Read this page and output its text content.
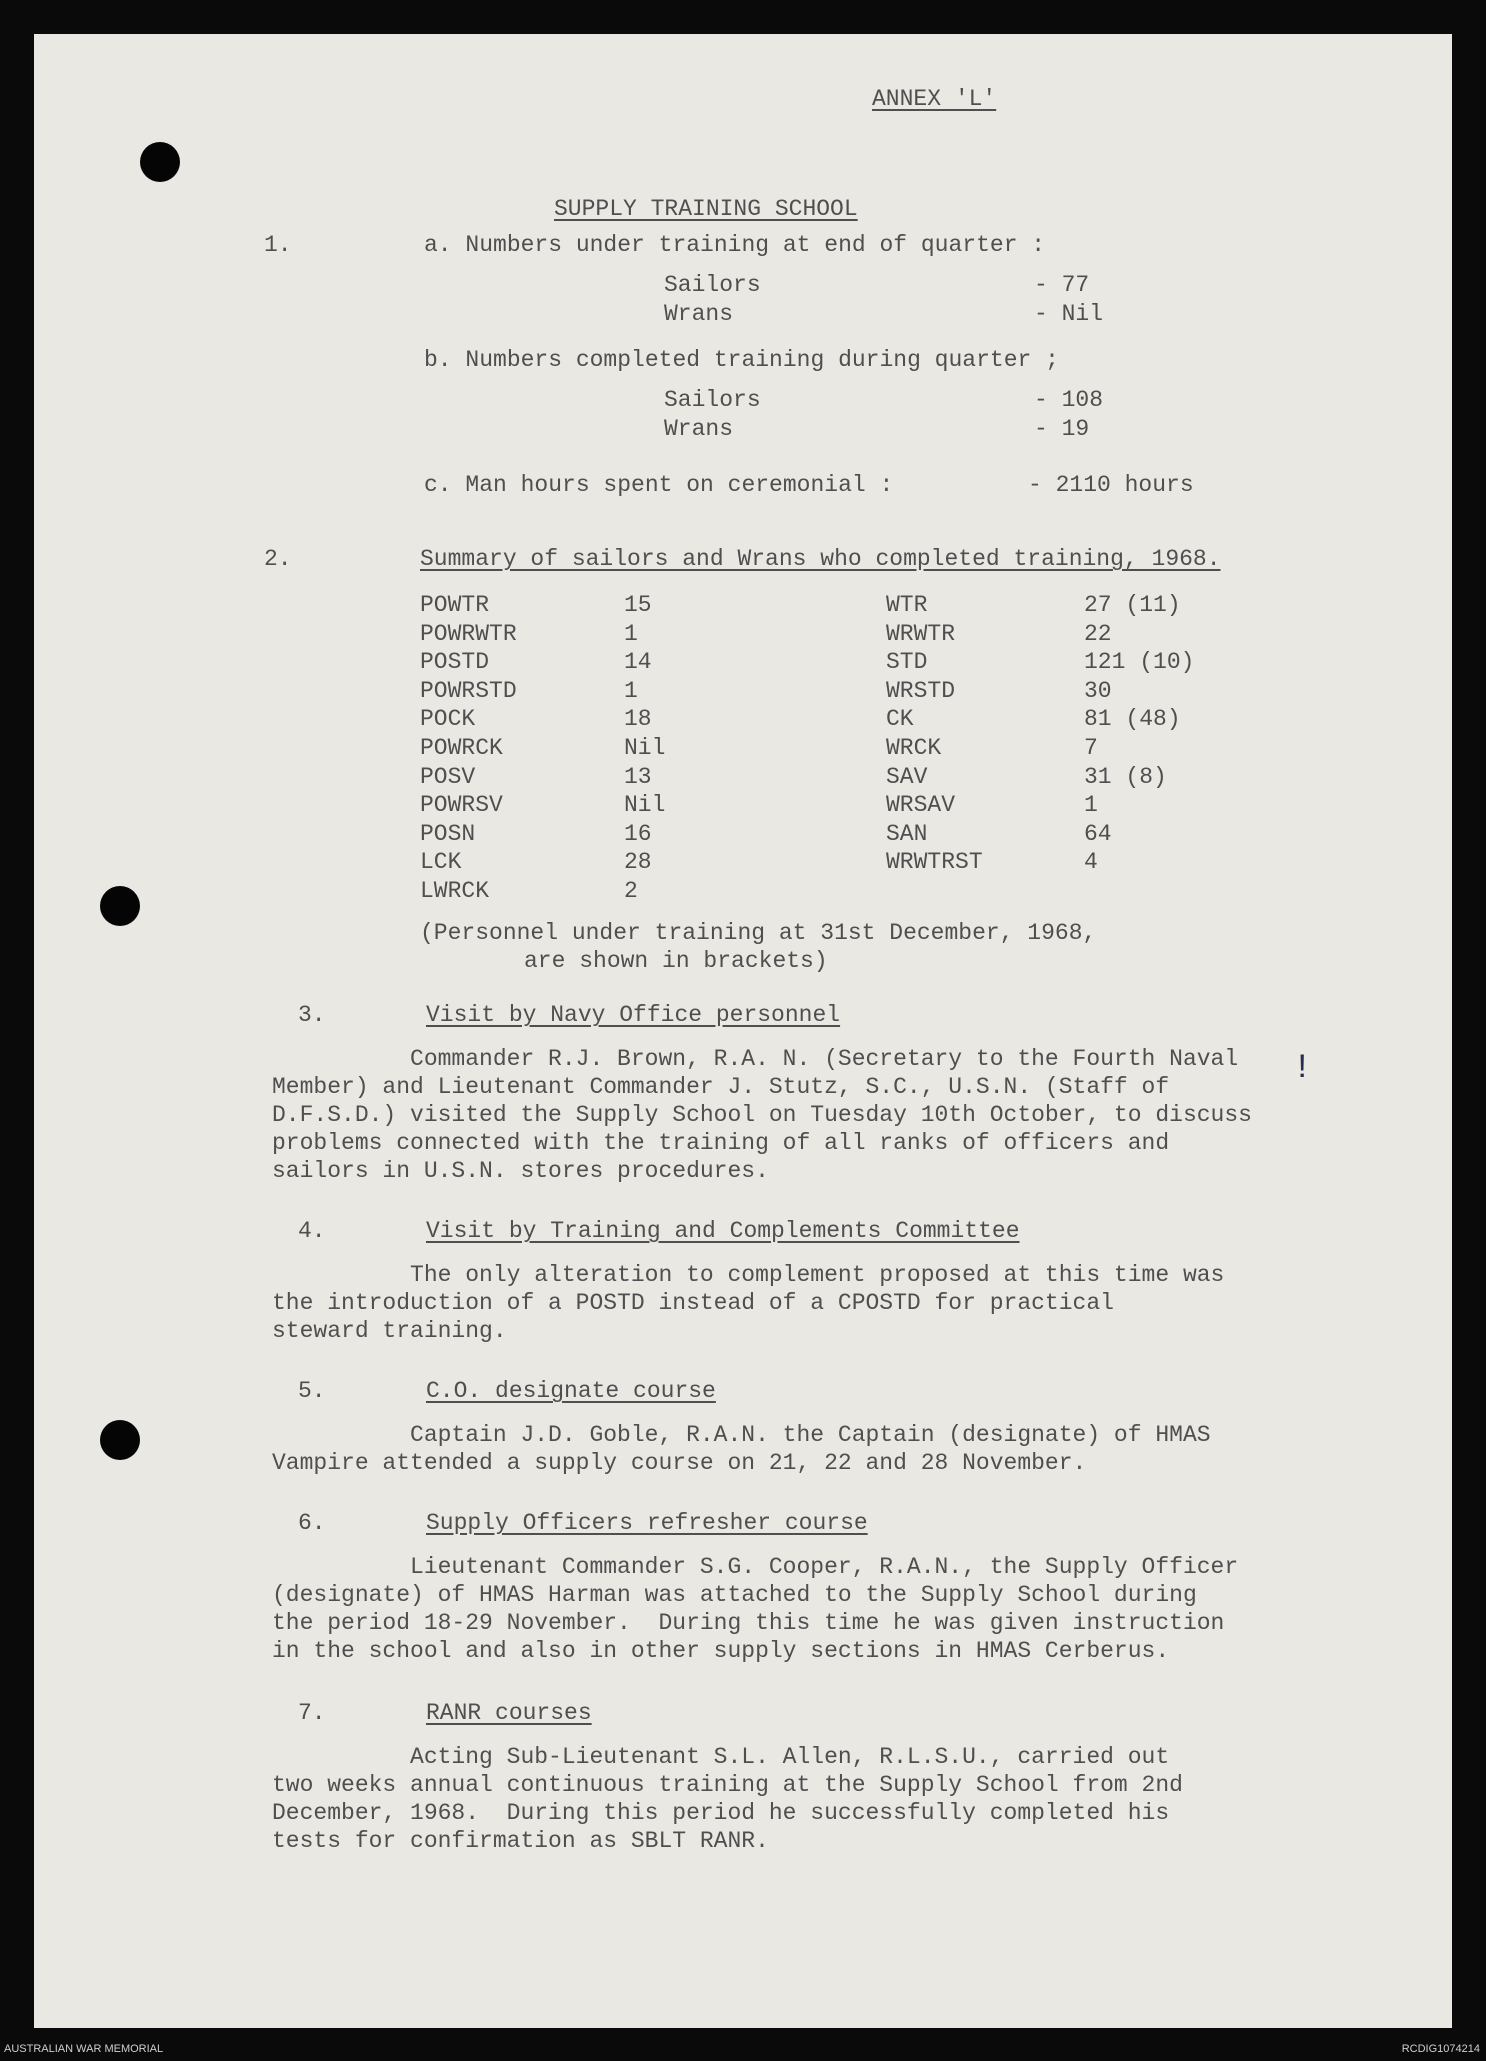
ANNEX 'L'
SUPPLY TRAINING SCHOOL
1.	a. Numbers under training at end of quarter :
Sailors	- 77
Wrans	- Nil
b. Numbers completed training during quarter ;
Sailors	- 108
Wrans	- 19
c. Man hours spent on ceremonial :	- 2110 hours
2.	Summary of sailors and Wrans who completed training, 1968.
POWTR	15	WTR	27 (11)
POWRWTR	1	WRWTR	22
POSTD	14	STD	121 (10)
POWRSTD	1	WRSTD	30
POCK	18	CK	81 (48)
POWRCK	Nil	WRCK	7
POSV	13	SAV	31 (8)
POWRSV	Nil	WRSAV	1
POSN	16	SAN	64
LCK	28	WRWTRST	4
LWRCK	2
(Personnel under training at 31st December, 1968,
are shown in brackets)
3.	Visit by Navy Office personnel
Commander R.J. Brown, R.A. N. (Secretary to the Fourth Naval
Member) and Lieutenant Commander J. Stutz, S.C., U.S.N. (Staff of
D.F.S.D.) visited the Supply School on Tuesday 10th October, to discuss
problems connected with the training of all ranks of officers and
sailors in U.S.N. stores procedures.
!
4.	Visit by Training and Complements Committee
The only alteration to complement proposed at this time was
the introduction of a POSTD instead of a CPOSTD for practical
steward training.
5.	C.O. designate course
Captain J.D. Goble, R.A.N. the Captain (designate) of HMAS
Vampire attended a supply course on 21, 22 and 28 November.
6.	Supply Officers refresher course
Lieutenant Commander S.G. Cooper, R.A.N., the Supply Officer
(designate) of HMAS Harman was attached to the Supply School during
the period 18-29 November.  During this time he was given instruction
in the school and also in other supply sections in HMAS Cerberus.
7.	RANR courses
Acting Sub-Lieutenant S.L. Allen, R.L.S.U., carried out
two weeks annual continuous training at the Supply School from 2nd
December, 1968.  During this period he successfully completed his
tests for confirmation as SBLT RANR.
AUSTRALIAN WAR MEMORIAL	RCDIG1074214
